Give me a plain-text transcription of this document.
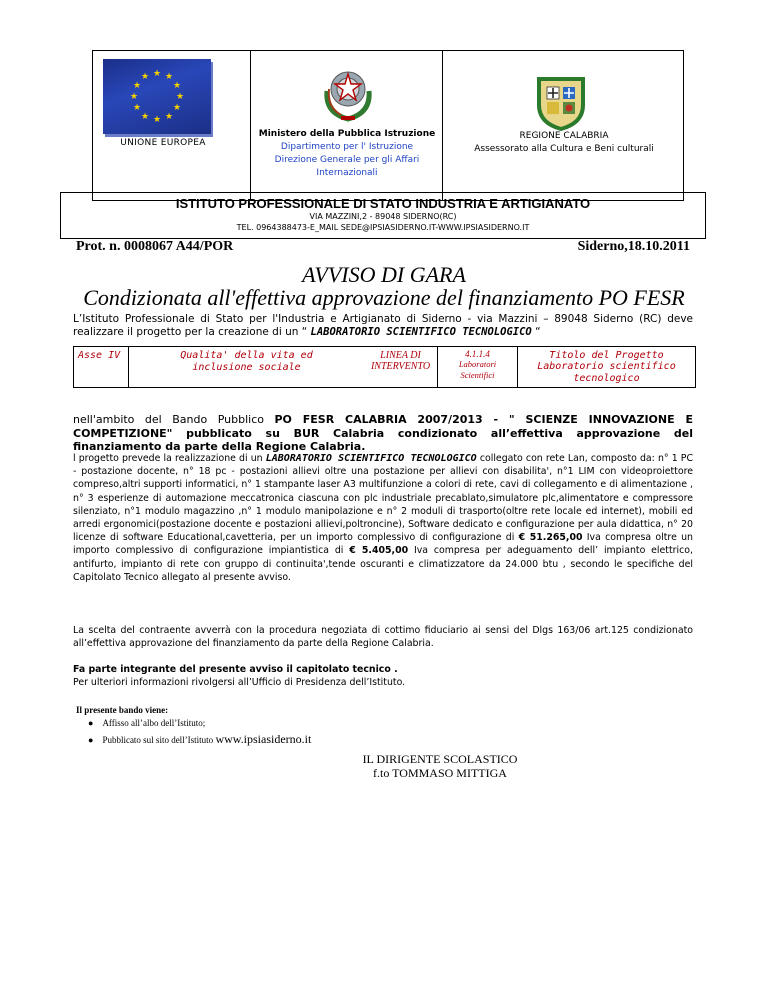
★ ★
★
★
★
★
★
★
★
★
★
★
UNIONE EUROPEA
Ministero della Pubblica Istruzione
Dipartimento per l' Istruzione
Direzione Generale per gli Affari
Internazionali
REGIONE CALABRIA
Assessorato alla Cultura e Beni culturali
ISTITUTO PROFESSIONALE DI STATO INDUSTRIA E ARTIGIANATO
VIA MAZZINI,2 - 89048 SIDERNO(RC)
TEL. 0964388473-E_MAIL SEDE@IPSIASIDERNO.IT-WWW.IPSIASIDERNO.IT
Prot. n. 0008067 A44/POR	Siderno,18.10.2011
AVVISO DI GARA
Condizionata all'effettiva approvazione del finanziamento PO FESR
L’Istituto Professionale di Stato per l'Industria e Artigianato di Siderno - via Mazzini – 89048 Siderno (RC) deve realizzare il progetto per la creazione di un “ LABORATORIO SCIENTIFICO TECNOLOGICO “
Asse IV	Qualita' della vita ed inclusione sociale
LINEA DI INTERVENTO
4.1.1.4
Laboratori Scientifici
Titolo del Progetto
Laboratorio scientifico tecnologico
nell'ambito del Bando Pubblico PO FESR CALABRIA 2007/2013 - " SCIENZE INNOVAZIONE E COMPETIZIONE" pubblicato su BUR Calabria condizionato all’effettiva approvazione del finanziamento da parte della Regione Calabria.
l progetto prevede la realizzazione di un LABORATORIO SCIENTIFICO TECNOLOGICO collegato con rete Lan, composto da: n° 1 PC - postazione docente, n° 18 pc - postazioni allievi oltre una postazione per allievi con disabilita', n°1 LIM con videoproiettore compreso,altri supporti informatici, n° 1 stampante laser A3 multifunzione a colori di rete, cavi di collegamento e di alimentazione , n° 3 esperienze di automazione meccatronica ciascuna con plc industriale precablato,simulatore plc,alimentatore e compressore silenziato, n°1 modulo magazzino ,n° 1 modulo manipolazione e n° 2 moduli di trasporto(oltre rete locale ed internet), mobili ed arredi ergonomici(postazione docente e postazioni allievi,poltroncine), Software dedicato e configurazione per aula didattica, n° 20 licenze di software Educational,cavetteria, per un importo complessivo di configurazione di € 51.265,00 Iva compresa oltre un importo complessivo di configurazione impiantistica di € 5.405,00 Iva compresa per adeguamento dell’ impianto elettrico, antifurto, impianto di rete con gruppo di continuita',tende oscuranti e climatizzatore da 24.000 btu , secondo le specifiche del Capitolato Tecnico allegato al presente avviso.
La scelta del contraente avverrà con la procedura negoziata di cottimo fiduciario ai sensi del Dlgs 163/06 art.125 condizionato all’effettiva approvazione del finanziamento da parte della Regione Calabria.
Fa parte integrante del presente avviso il capitolato tecnico .
Per ulteriori informazioni rivolgersi all’Ufficio di Presidenza dell’Istituto.
Il presente bando viene:
● Affisso all’albo dell’Istituto;
● Pubblicato sul sito dell’Istituto www.ipsiasiderno.it
IL DIRIGENTE SCOLASTICO
f.to TOMMASO MITTIGA
